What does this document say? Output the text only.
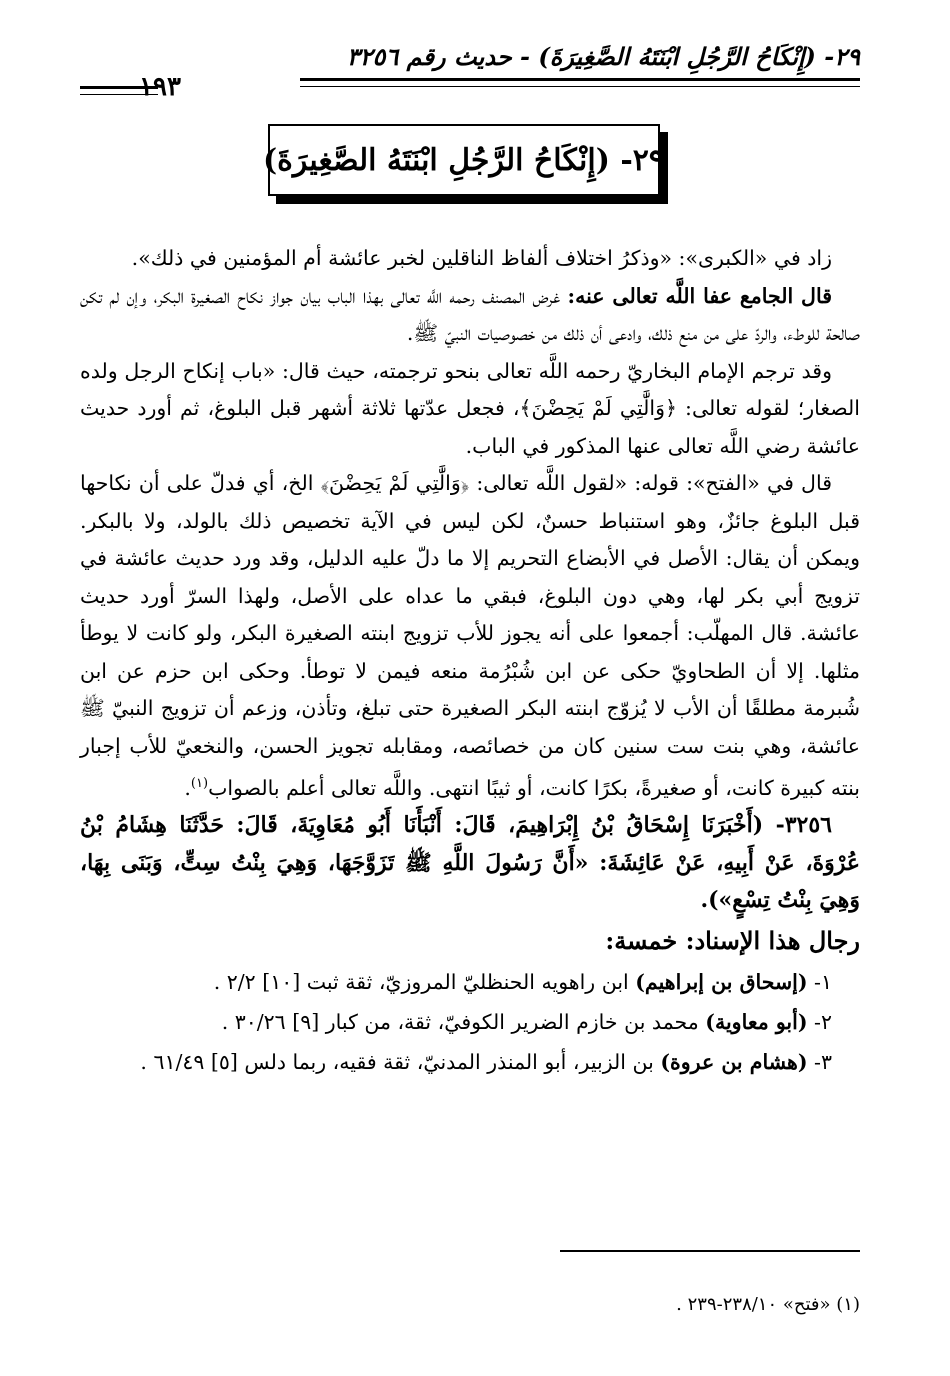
٢٩- (إِنْكَاحُ الرَّجُلِ ابْنَتَهُ الصَّغِيرَةَ) - حديث رقم ٣٢٥٦
١٩٣
٢٩- (إِنْكَاحُ الرَّجُلِ ابْنَتَهُ الصَّغِيرَةَ)

زاد في «الكبرى»: «وذكرُ اختلاف ألفاظ الناقلين لخبر عائشة أم المؤمنين في ذلك».

قال الجامع عفا اللَّه تعالى عنه: غرض المصنف رحمه اللَّه تعالى بهذا الباب بيان جواز نكاح الصغيرة البكر، وإن لم تكن صالحة للوطء، والردّ على من منع ذلك، وادعى أن ذلك من خصوصيات النبيّ ﷺ.

وقد ترجم الإمام البخاريّ رحمه اللَّه تعالى بنحو ترجمته، حيث قال: «باب إنكاح الرجل ولده الصغار؛ لقوله تعالى: ﴿وَالَّٰتِي لَمْ يَحِضْنَ﴾، فجعل عدّتها ثلاثة أشهر قبل البلوغ، ثم أورد حديث عائشة رضي اللَّه تعالى عنها المذكور في الباب.

قال في «الفتح»: قوله: «لقول اللَّه تعالى: ﴿وَالَّٰتِي لَمْ يَحِضْنَ﴾ الخ، أي فدلّ على أن نكاحها قبل البلوغ جائزٌ، وهو استنباط حسنٌ، لكن ليس في الآية تخصيص ذلك بالولد، ولا بالبكر. ويمكن أن يقال: الأصل في الأبضاع التحريم إلا ما دلّ عليه الدليل، وقد ورد حديث عائشة في تزويج أبي بكر لها، وهي دون البلوغ، فبقي ما عداه على الأصل، ولهذا السرّ أورد حديث عائشة. قال المهلّب: أجمعوا على أنه يجوز للأب تزويج ابنته الصغيرة البكر، ولو كانت لا يوطأ مثلها. إلا أن الطحاويّ حكى عن ابن شُبْرُمة منعه فيمن لا توطأ. وحكى ابن حزم عن ابن شُبرمة مطلقًا أن الأب لا يُزوّج ابنته البكر الصغيرة حتى تبلغ، وتأذن، وزعم أن تزويج النبيّ ﷺ عائشة، وهي بنت ست سنين كان من خصائصه، ومقابله تجويز الحسن، والنخعيّ للأب إجبار بنته كبيرة كانت، أو صغيرةً، بكرًا كانت، أو ثيبًا انتهى. واللَّه تعالى أعلم بالصواب$^{(١)}$.

٣٢٥٦- (أَخْبَرَنَا إِسْحَاقُ بْنُ إِبْرَاهِيمَ، قَالَ: أَنْبَأَنَا أَبُو مُعَاوِيَةَ، قَالَ: حَدَّثَنَا هِشَامُ بْنُ عُرْوَةَ، عَنْ أَبِيهِ، عَنْ عَائِشَةَ: «أَنَّ رَسُولَ اللَّهِ ﷺ تَزَوَّجَهَا، وَهِيَ بِنْتُ سِتٍّ، وَبَنَى بِهَا، وَهِيَ بِنْتُ تِسْعٍ»).

رجال هذا الإسناد: خمسة:

١- (إسحاق بن إبراهيم) ابن راهويه الحنظليّ المروزيّ، ثقة ثبت [١٠] ٢/٢ .

٢- (أبو معاوية) محمد بن خازم الضرير الكوفيّ، ثقة، من كبار [٩] ٣٠/٢٦ .

٣- (هشام بن عروة) بن الزبير، أبو المنذر المدنيّ، ثقة فقيه، ربما دلس [٥] ٦١/٤٩ .

(١) «فتح» ٢٣٨/١٠-٢٣٩ .
